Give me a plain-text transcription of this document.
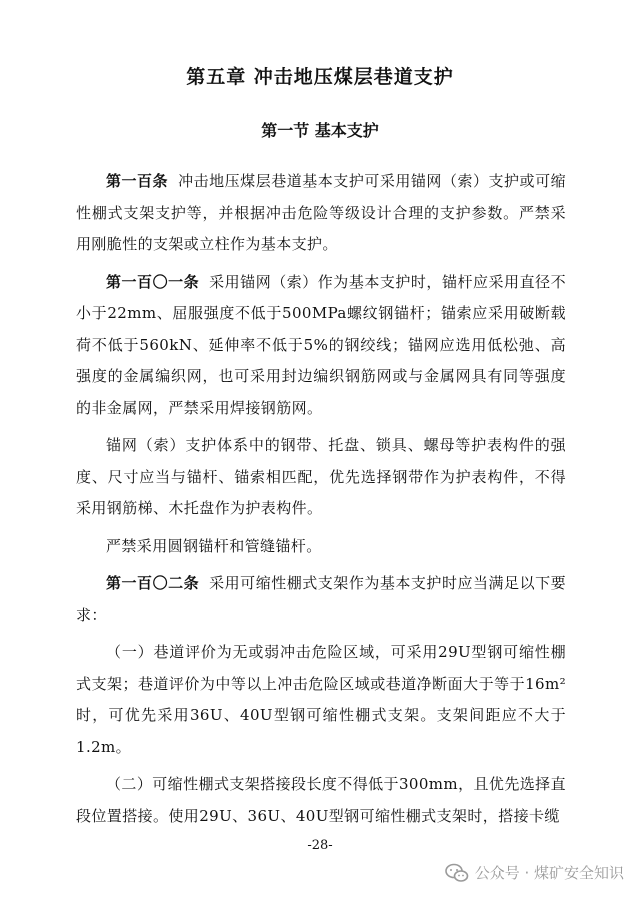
第五章 冲击地压煤层巷道支护
第一节 基本支护

第一百条 冲击地压煤层巷道基本支护可采用锚网（索）支护或可缩性棚式支架支护等，并根据冲击危险等级设计合理的支护参数。严禁采用刚脆性的支架或立柱作为基本支护。

第一百〇一条 采用锚网（索）作为基本支护时，锚杆应采用直径不小于22mm、屈服强度不低于500MPa螺纹钢锚杆；锚索应采用破断载荷不低于560kN、延伸率不低于5%的钢绞线；锚网应选用低松弛、高强度的金属编织网，也可采用封边编织钢筋网或与金属网具有同等强度的非金属网，严禁采用焊接钢筋网。

锚网（索）支护体系中的钢带、托盘、锁具、螺母等护表构件的强度、尺寸应当与锚杆、锚索相匹配，优先选择钢带作为护表构件，不得采用钢筋梯、木托盘作为护表构件。

严禁采用圆钢锚杆和管缝锚杆。

第一百〇二条 采用可缩性棚式支架作为基本支护时应当满足以下要求：

（一）巷道评价为无或弱冲击危险区域，可采用29U型钢可缩性棚式支架；巷道评价为中等以上冲击危险区域或巷道净断面大于等于16m²时，可优先采用36U、40U型钢可缩性棚式支架。支架间距应不大于1.2m。

（二）可缩性棚式支架搭接段长度不得低于300mm，且优先选择直段位置搭接。使用29U、36U、40U型钢可缩性棚式支架时，搭接卡缆

-28-
公众号 · 煤矿安全知识
